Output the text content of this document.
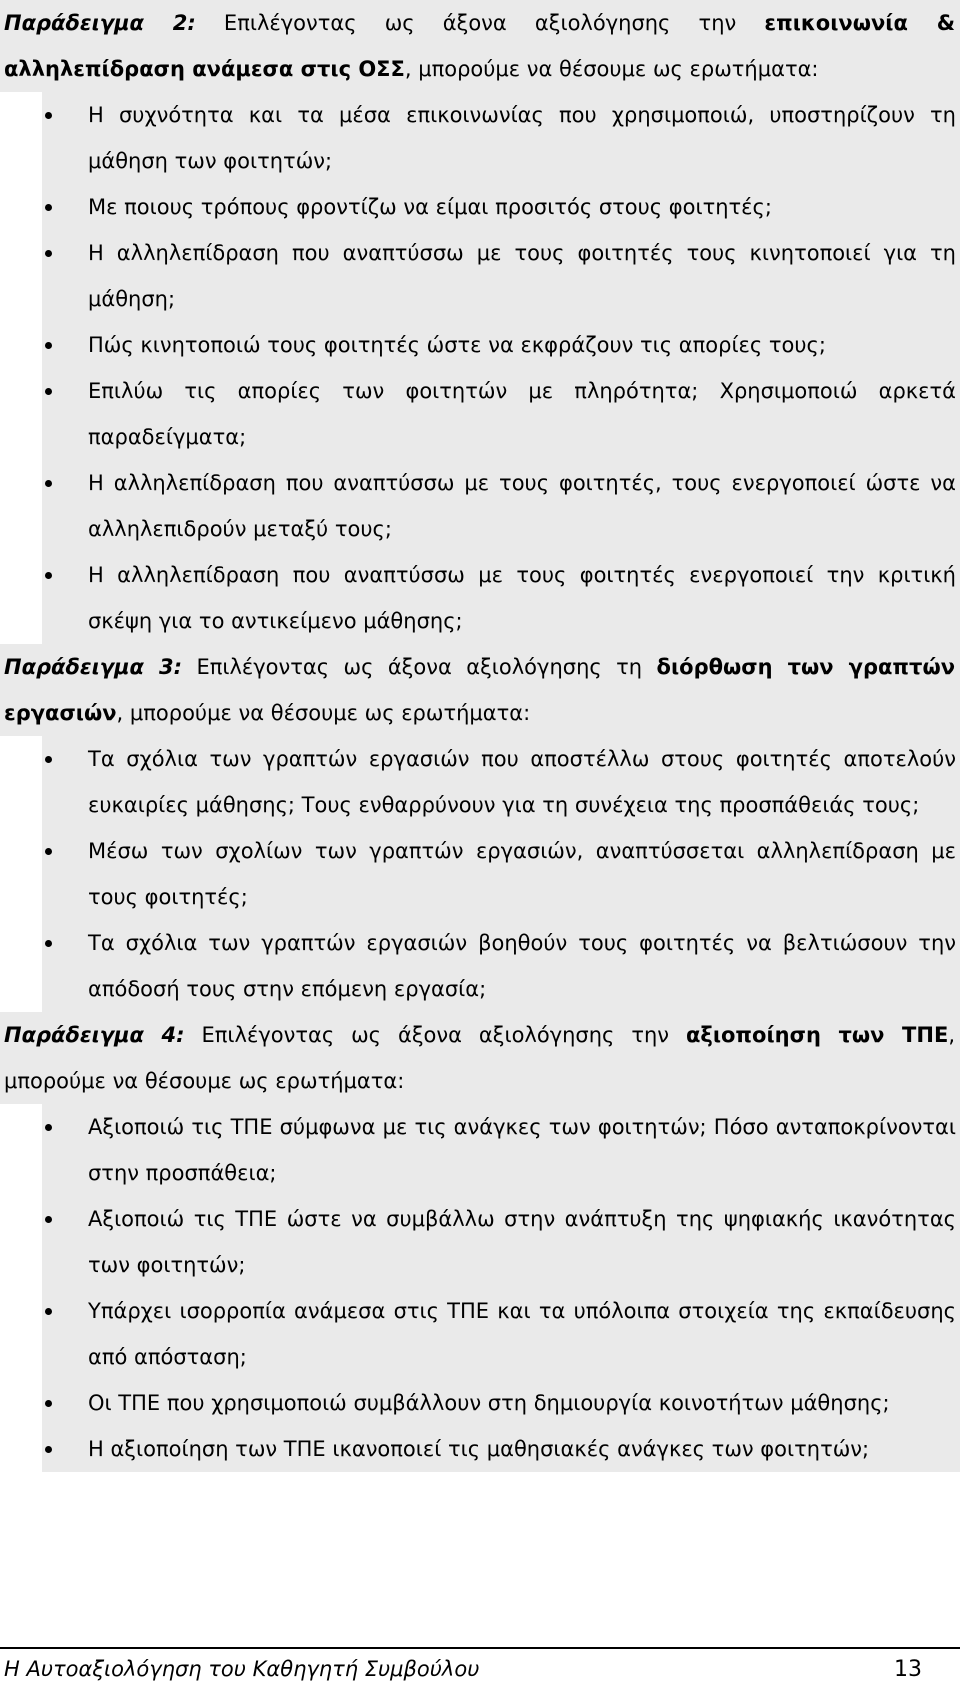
Παράδειγμα 2: Επιλέγοντας ως άξονα αξιολόγησης την επικοινωνία & αλληλεπίδραση ανάμεσα στις ΟΣΣ, μπορούμε να θέσουμε ως ερωτήματα:

Η συχνότητα και τα μέσα επικοινωνίας που χρησιμοποιώ, υποστηρίζουν τη μάθηση των φοιτητών;
Με ποιους τρόπους φροντίζω να είμαι προσιτός στους φοιτητές;
Η αλληλεπίδραση που αναπτύσσω με τους φοιτητές τους κινητοποιεί για τη μάθηση;
Πώς κινητοποιώ τους φοιτητές ώστε να εκφράζουν τις απορίες τους;
Επιλύω τις απορίες των φοιτητών με πληρότητα; Χρησιμοποιώ αρκετά παραδείγματα;
Η αλληλεπίδραση που αναπτύσσω με τους φοιτητές, τους ενεργοποιεί ώστε να αλληλεπιδρούν μεταξύ τους;
Η αλληλεπίδραση που αναπτύσσω με τους φοιτητές ενεργοποιεί την κριτική σκέψη για το αντικείμενο μάθησης;

Παράδειγμα 3: Επιλέγοντας ως άξονα αξιολόγησης τη διόρθωση των γραπτών εργασιών, μπορούμε να θέσουμε ως ερωτήματα:

Τα σχόλια των γραπτών εργασιών που αποστέλλω στους φοιτητές αποτελούν ευκαιρίες μάθησης; Τους ενθαρρύνουν για τη συνέχεια της προσπάθειάς τους;
Μέσω των σχολίων των γραπτών εργασιών, αναπτύσσεται αλληλεπίδραση με τους φοιτητές;
Τα σχόλια των γραπτών εργασιών βοηθούν τους φοιτητές να βελτιώσουν την απόδοσή τους στην επόμενη εργασία;

Παράδειγμα 4: Επιλέγοντας ως άξονα αξιολόγησης την αξιοποίηση των ΤΠΕ, μπορούμε να θέσουμε ως ερωτήματα:

Αξιοποιώ τις ΤΠΕ σύμφωνα με τις ανάγκες των φοιτητών; Πόσο ανταποκρίνονται στην προσπάθεια;
Αξιοποιώ τις ΤΠΕ ώστε να συμβάλλω στην ανάπτυξη της ψηφιακής ικανότητας των φοιτητών;
Υπάρχει ισορροπία ανάμεσα στις ΤΠΕ και τα υπόλοιπα στοιχεία της εκπαίδευσης από απόσταση;
Οι ΤΠΕ που χρησιμοποιώ συμβάλλουν στη δημιουργία κοινοτήτων μάθησης;
Η αξιοποίηση των ΤΠΕ ικανοποιεί τις μαθησιακές ανάγκες των φοιτητών;
Η Αυτοαξιολόγηση του Καθηγητή Συμβούλου	13
